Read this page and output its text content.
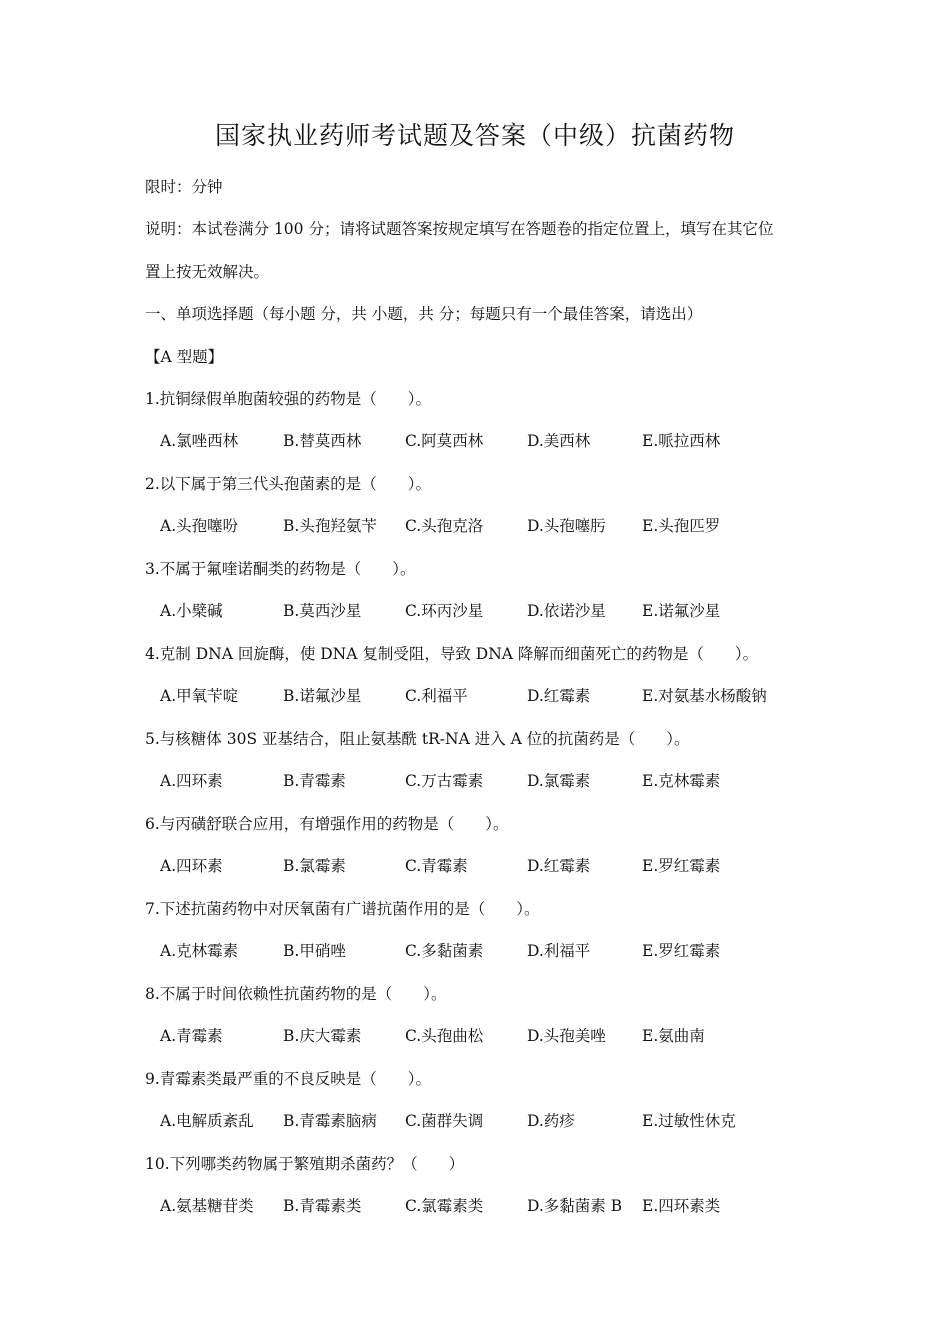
国家执业药师考试题及答案（中级）抗菌药物
限时：分钟
说明：本试卷满分 100 分；请将试题答案按规定填写在答题卷的指定位置上，填写在其它位
置上按无效解决。
一、单项选择题（每小题 分，共 小题，共 分；每题只有一个最佳答案，请选出）
【A 型题】
1.抗铜绿假单胞菌较强的药物是（　　）。
A.氯唑西林	B.替莫西林	C.阿莫西林	D.美西林	E.哌拉西林
2.以下属于第三代头孢菌素的是（　　）。
A.头孢噻吩	B.头孢羟氨苄 C.头孢克洛	D.头孢噻肟 E.头孢匹罗
3.不属于氟喹诺酮类的药物是（　　）。
A.小檗碱	B.莫西沙星	C.环丙沙星	D.依诺沙星 E.诺氟沙星
4.克制 DNA 回旋酶，使 DNA 复制受阻，导致 DNA 降解而细菌死亡的药物是（　　）。
A.甲氧苄啶	B.诺氟沙星	C.利福平	D.红霉素	E.对氨基水杨酸钠
5.与核糖体 30S 亚基结合，阻止氨基酰 tR-NA 进入 A 位的抗菌药是（　　）。
A.四环素	B.青霉素	C.万古霉素	D.氯霉素	E.克林霉素
6.与丙磺舒联合应用，有增强作用的药物是（　　）。
A.四环素	B.氯霉素	C.青霉素	D.红霉素	E.罗红霉素
7.下述抗菌药物中对厌氧菌有广谱抗菌作用的是（　　）。
A.克林霉素	B.甲硝唑	C.多黏菌素	D.利福平	E.罗红霉素
8.不属于时间依赖性抗菌药物的是（　　）。
A.青霉素	B.庆大霉素	C.头孢曲松	D.头孢美唑 E.氨曲南
9.青霉素类最严重的不良反映是（　　）。
A.电解质紊乱 B.青霉素脑病 C.菌群失调	D.药疹	E.过敏性休克
10.下列哪类药物属于繁殖期杀菌药？（　　）
A.氨基糖苷类 B.青霉素类	C.氯霉素类	D.多黏菌素 B E.四环素类
